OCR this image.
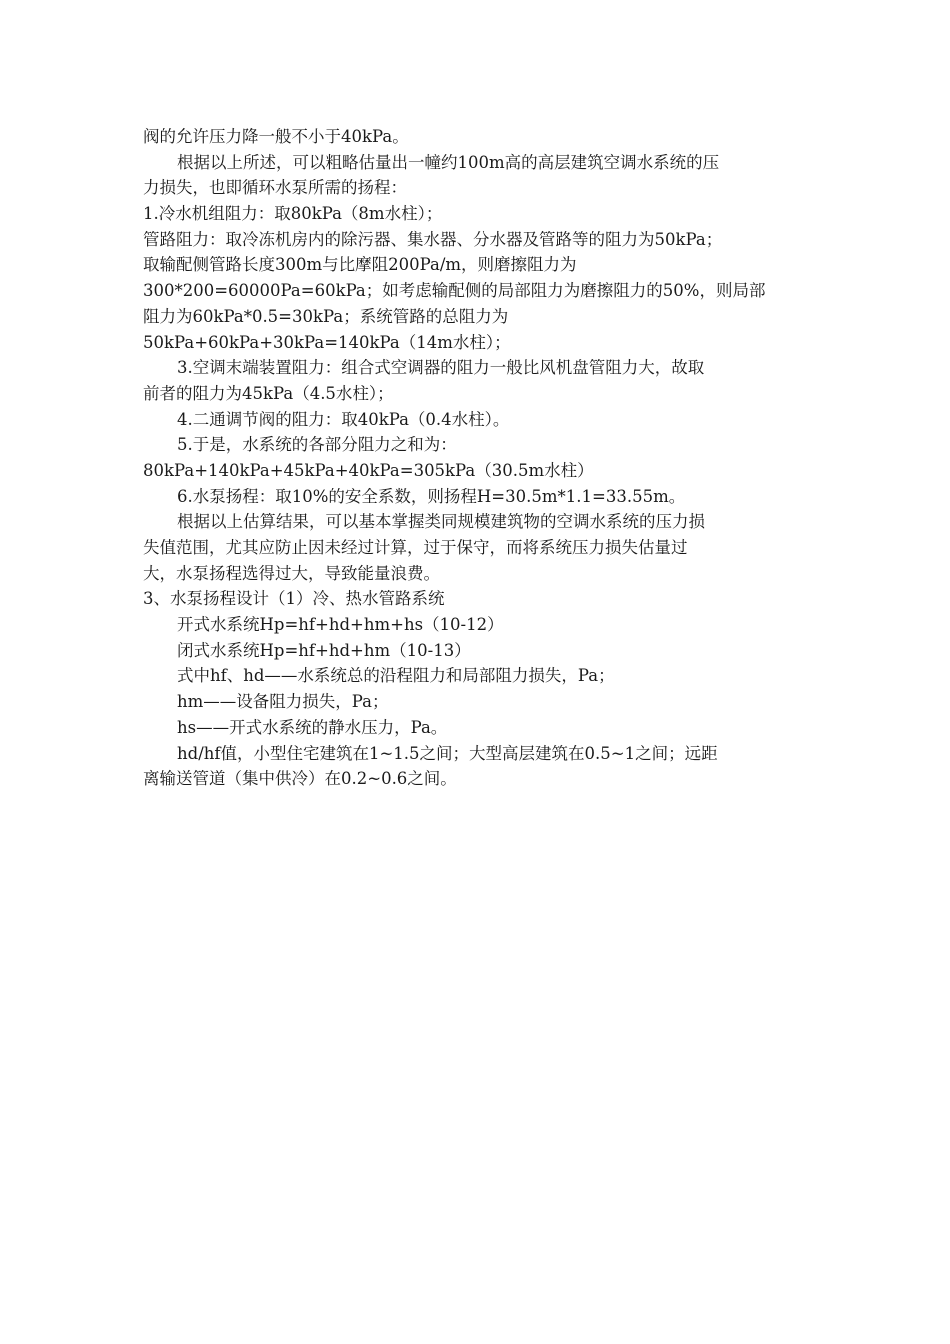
阀的允许压力降一般不小于40kPa。
根据以上所述，可以粗略估量出一幢约100m高的高层建筑空调水系统的压
力损失，也即循环水泵所需的扬程：
1.冷水机组阻力：取80kPa（8m水柱）；
管路阻力：取冷冻机房内的除污器、集水器、分水器及管路等的阻力为50kPa；
取输配侧管路长度300m与比摩阻200Pa/m，则磨擦阻力为
300*200=60000Pa=60kPa；如考虑输配侧的局部阻力为磨擦阻力的50%，则局部
阻力为60kPa*0.5=30kPa；系统管路的总阻力为
50kPa+60kPa+30kPa=140kPa（14m水柱）；
3.空调末端装置阻力：组合式空调器的阻力一般比风机盘管阻力大，故取
前者的阻力为45kPa（4.5水柱）；
4.二通调节阀的阻力：取40kPa（0.4水柱）。
5.于是，水系统的各部分阻力之和为：
80kPa+140kPa+45kPa+40kPa=305kPa（30.5m水柱）
6.水泵扬程：取10%的安全系数，则扬程H=30.5m*1.1=33.55m。
根据以上估算结果，可以基本掌握类同规模建筑物的空调水系统的压力损
失值范围，尤其应防止因未经过计算，过于保守，而将系统压力损失估量过
大，水泵扬程选得过大，导致能量浪费。
3、水泵扬程设计（1）冷、热水管路系统
开式水系统Hp=hf+hd+hm+hs（10-12）
闭式水系统Hp=hf+hd+hm（10-13）
式中hf、hd——水系统总的沿程阻力和局部阻力损失，Pa；
hm——设备阻力损失，Pa；
hs——开式水系统的静水压力，Pa。
hd/hf值，小型住宅建筑在1~1.5之间；大型高层建筑在0.5~1之间；远距
离输送管道（集中供冷）在0.2~0.6之间。
